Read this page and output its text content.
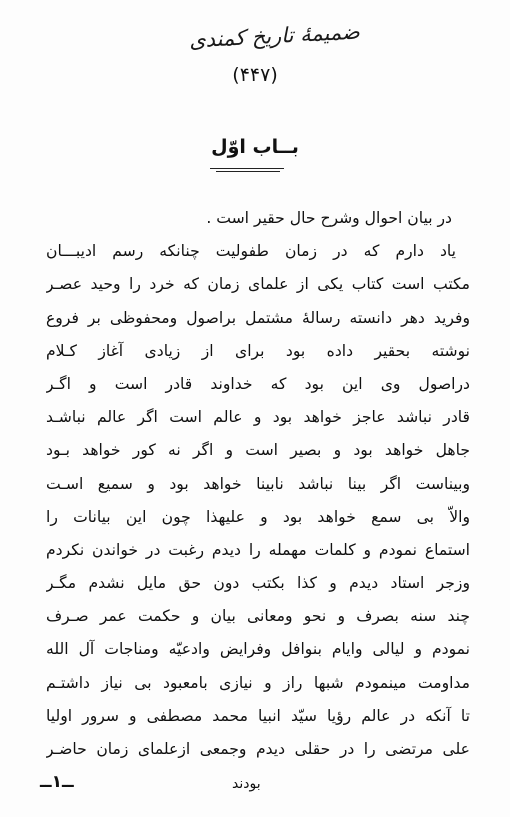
ضمیمۀ تاریخ کمندی
(۴۴۷)
بــاب اوّل
در بیان احوال وشرح حال حقیر است .
یاد دارم که در زمان طفولیت چنانکه رسم ادیبـــان
مکتب است کتاب یکی از علمای زمان که خرد را وحید عصـر
وفرید دهر دانسته رسالۀ مشتمل براصول ومحفوظی بر فروع
نوشته بحقیر داده بود برای از زیادی آغاز کـلام
دراصول وی این بود که خداوند قادر است و اگـر
قادر نباشد عاجز خواهد بود و عالم است اگر عالم نباشـد
جاهل خواهد بود و بصیر است و اگر نه کور خواهد بـود
وبیناست اگر بینا نباشد نابینا خواهد بود و سمیع اسـت
والاّ بی سمع خواهد بود و علیهذا چون این بیانات را
استماع نمودم و کلمات مهمله را دیدم رغبت در خواندن نکردم
وزجر استاد دیدم و کذا بکتب دون حق مایل نشدم مگـر
چند سنه بصرف و نحو ومعانی بیان و حکمت عمر صـرف
نمودم و لیالی وایام بنوافل وفرایض وادعیّه ومناجات آل الله
مداومت مینمودم شبها راز و نیازی بامعبود بی نیاز داشتـم
تا آنکه در عالم رؤیا سیّد انبیا محمد مصطفی و سرور اولیا
علی مرتضی را در حقلی دیدم وجمعی ازعلمای زمان حاضـر
ــ۱ــ	بودند
